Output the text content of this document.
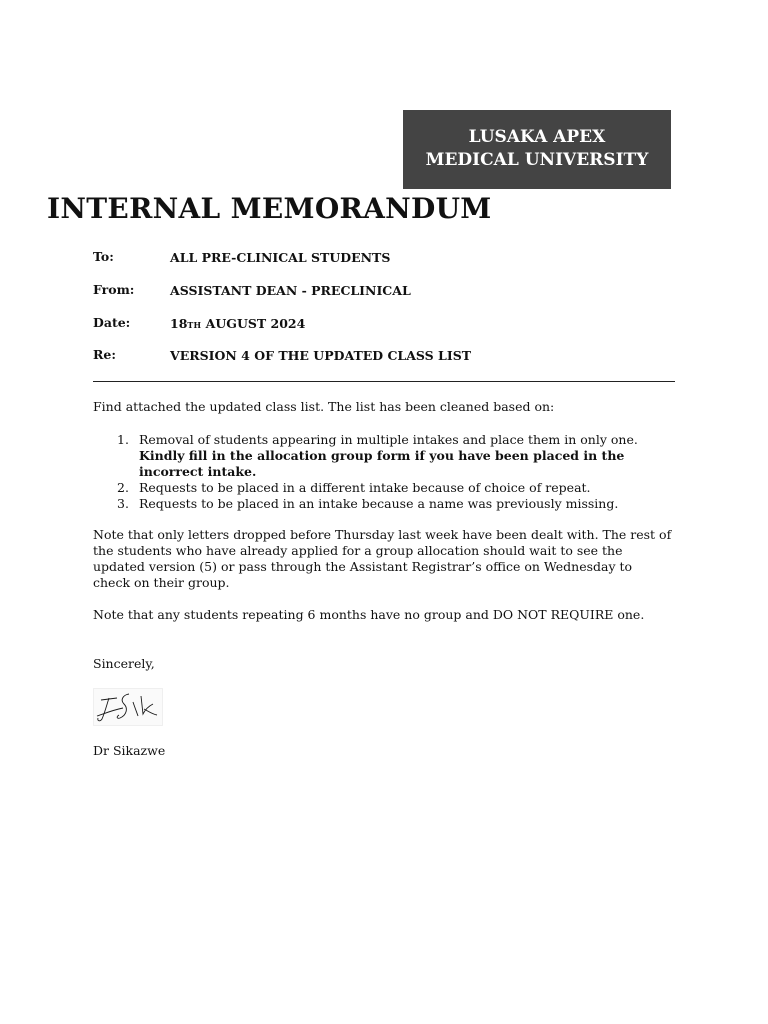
LUSAKA APEX
MEDICAL UNIVERSITY
INTERNAL MEMORANDUM
To:	ALL PRE-CLINICAL STUDENTS
From:	ASSISTANT DEAN - PRECLINICAL
Date:	18TH AUGUST 2024
Re:	VERSION 4 OF THE UPDATED CLASS LIST

Find attached the updated class list. The list has been cleaned based on:

1. Removal of students appearing in multiple intakes and place them in only one. Kindly fill in the allocation group form if you have been placed in the incorrect intake.
2. Requests to be placed in a different intake because of choice of repeat.
3. Requests to be placed in an intake because a name was previously missing.

Note that only letters dropped before Thursday last week have been dealt with. The rest of the students who have already applied for a group allocation should wait to see the updated version (5) or pass through the Assistant Registrar’s office on Wednesday to check on their group.

Note that any students repeating 6 months have no group and DO NOT REQUIRE one.

Sincerely,

Dr Sikazwe
